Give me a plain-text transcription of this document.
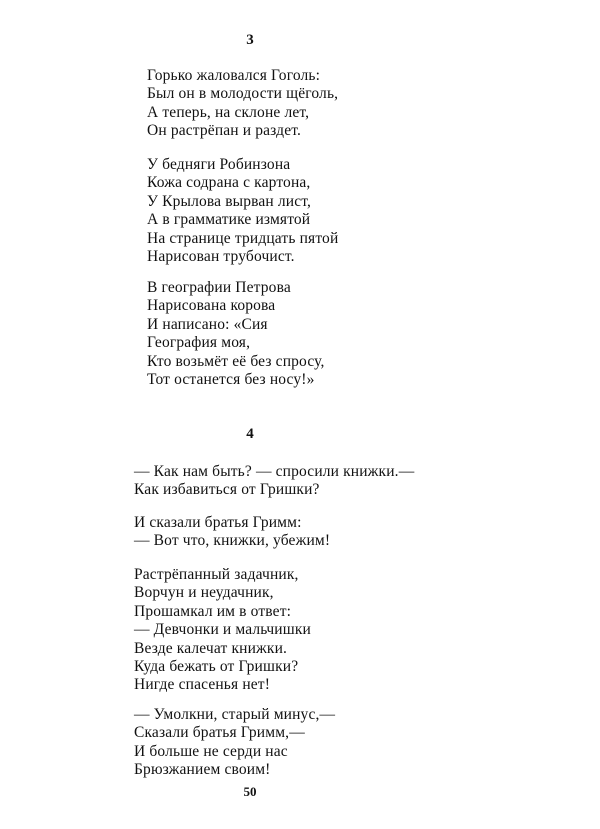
3
Горько жаловался Гоголь:
Был он в молодости щёголь,
А теперь, на склоне лет,
Он растрёпан и раздет.
У бедняги Робинзона
Кожа содрана с картона,
У Крылова вырван лист,
А в грамматике измятой
На странице тридцать пятой
Нарисован трубочист.
В географии Петрова
Нарисована корова
И написано: «Сия
География моя,
Кто возьмёт её без спросу,
Тот останется без носу!»
4
— Как нам быть? — спросили книжки.—
Как избавиться от Гришки?
И сказали братья Гримм:
— Вот что, книжки, убежим!
Растрёпанный задачник,
Ворчун и неудачник,
Прошамкал им в ответ:
— Девчонки и мальчишки
Везде калечат книжки.
Куда бежать от Гришки?
Нигде спасенья нет!
— Умолкни, старый минус,—
Сказали братья Гримм,—
И больше не серди нас
Брюзжанием своим!
50
